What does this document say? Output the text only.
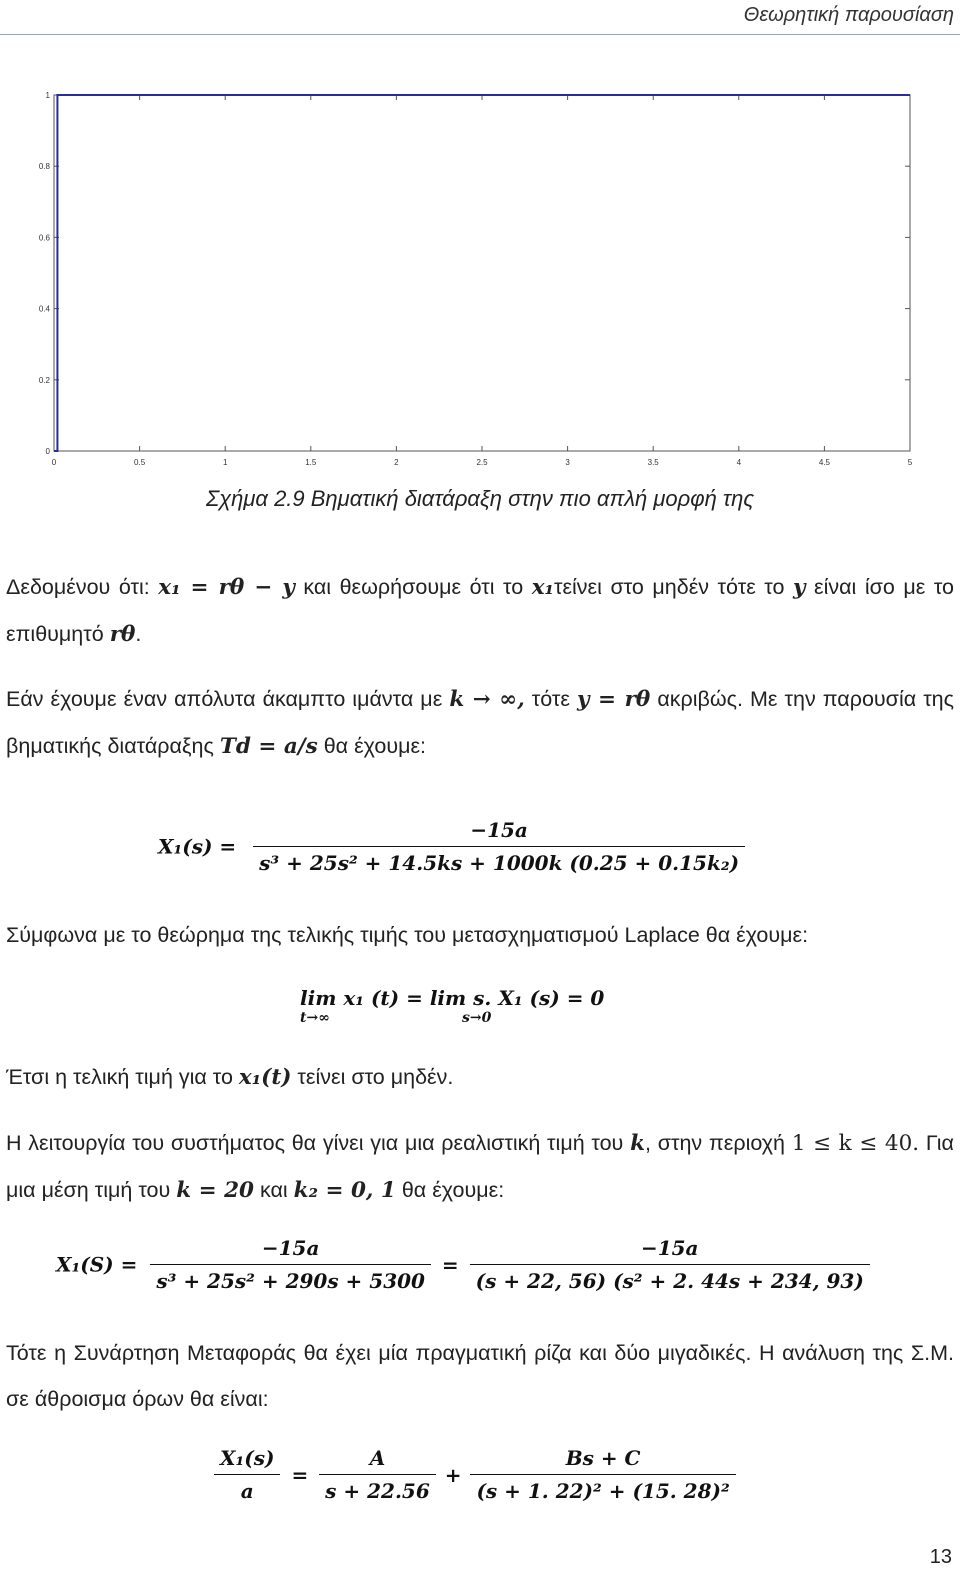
Θεωρητική παρουσίαση
0	0.5	1	1.5	2	2.5	3	3.5	4	4.5	5
0
0.2
0.4
0.6
0.8
1
Σχήμα 2.9 Βηματική διατάραξη στην πιο απλή μορφή της
Δεδομένου ότι: x₁ = rθ − y και θεωρήσουμε ότι το x₁τείνει στο μηδέν τότε το y είναι ίσο με το επιθυμητό rθ.
Εάν έχουμε έναν απόλυτα άκαμπτο ιμάντα με k → ∞, τότε y = rθ ακριβώς. Με την παρουσία της βηματικής διατάραξης Td = a/s θα έχουμε:
$X_1(s) = \frac{-15a}{\text{s³ + 25s² + 14.5ks + 1000k (0.25 + 0.15k₂)}}$
Σύμφωνα με το θεώρημα της τελικής τιμής του μετασχηματισμού Laplace θα έχουμε:
lim x₁ (t) = lim s. X₁ (s) = 0
t→∞	s→0
Έτσι η τελική τιμή για το x₁(t) τείνει στο μηδέν.
Η λειτουργία του συστήματος θα γίνει για μια ρεαλιστική τιμή του k, στην περιοχή 1 ≤ k ≤ 40. Για μια μέση τιμή του k = 20 και k₂ = 0, 1 θα έχουμε:
$X_1(S) = \frac{-15a}{\text{s³ + 25s² + 290s + 5300}} = \frac{-15a}{\text{(s + 22, 56) (s² + 2. 44s + 234, 93)}}$
Τότε η Συνάρτηση Μεταφοράς θα έχει μία πραγματική ρίζα και δύο μιγαδικές. Η ανάλυση της Σ.Μ. σε άθροισμα όρων θα είναι:
$\frac{\text{X₁(s)}}{a} = \frac{A}{s + 22.56} + \frac{Bs + C}{\text{(s + 1. 22)² + (15. 28)²}}$
13
